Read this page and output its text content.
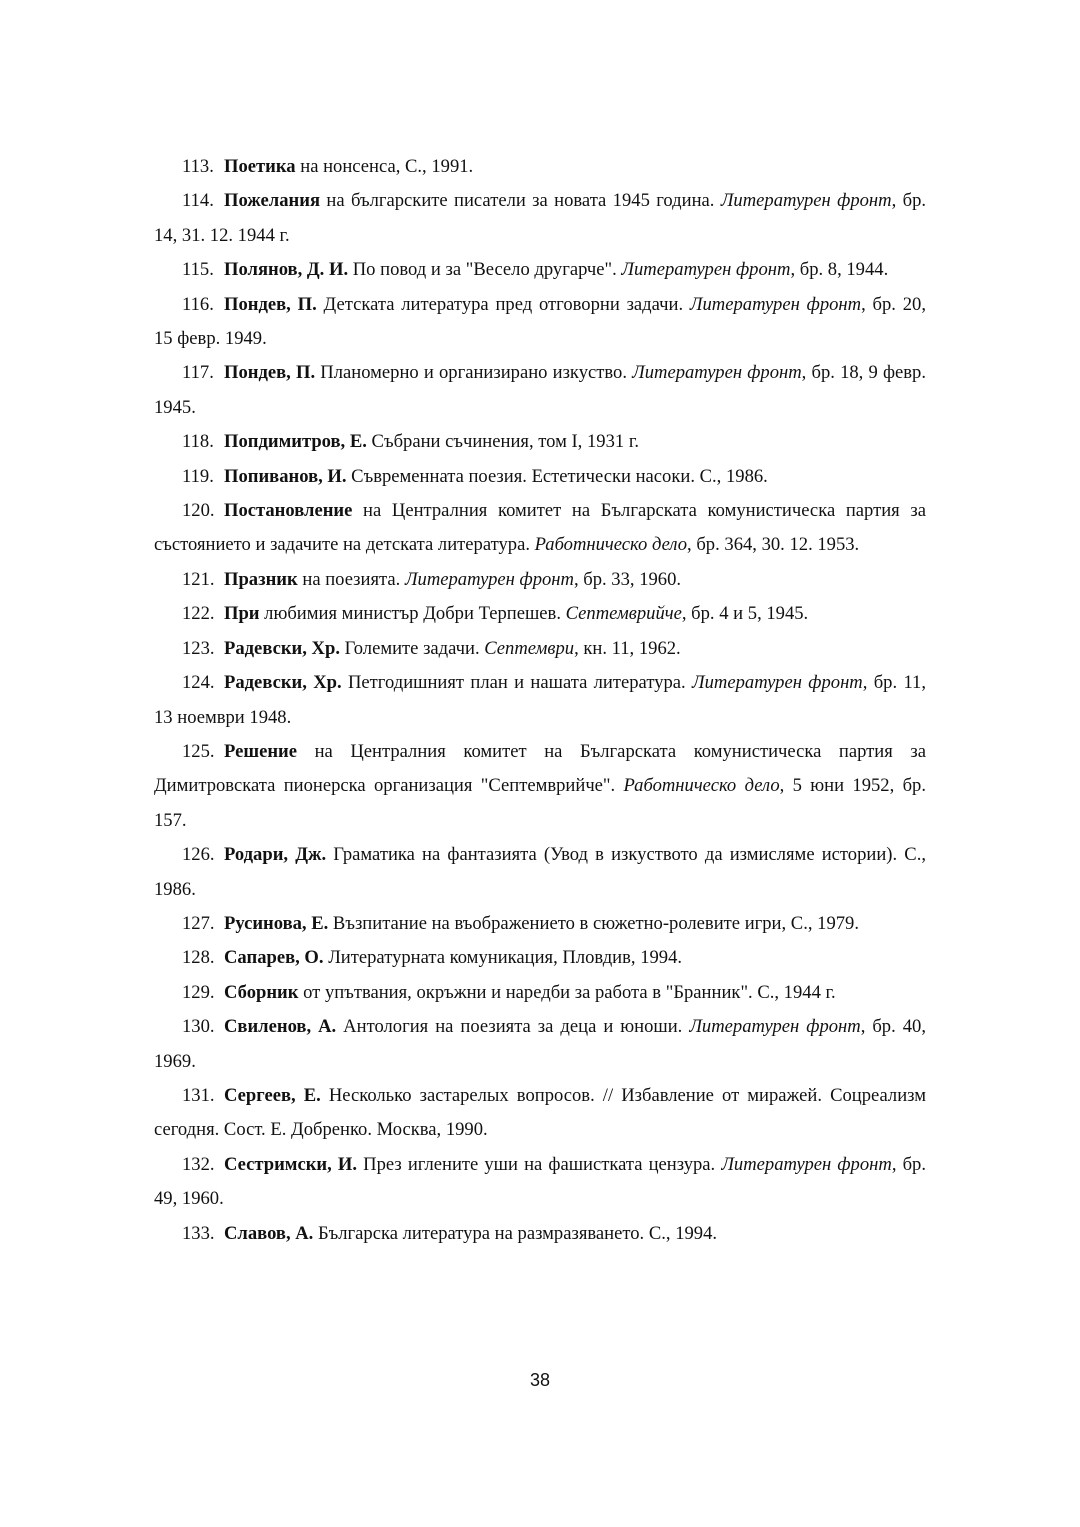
113. Поетика на нонсенса, С., 1991.

114. Пожелания на българските писатели за новата 1945 година. Литературен фронт, бр. 14, 31. 12. 1944 г.

115. Полянов, Д. И. По повод и за "Весело другарче". Литературен фронт, бр. 8, 1944.

116. Пондев, П. Детската литература пред отговорни задачи. Литературен фронт, бр. 20, 15 февр. 1949.

117. Пондев, П. Планомерно и организирано изкуство. Литературен фронт, бр. 18, 9 февр. 1945.

118. Попдимитров, Е. Събрани съчинения, том I, 1931 г.

119. Попиванов, И. Съвременната поезия. Естетически насоки. С., 1986.

120. Постановление на Централния комитет на Българската комунистическа партия за състоянието и задачите на детската литература. Работническо дело, бр. 364, 30. 12. 1953.

121. Празник на поезията. Литературен фронт, бр. 33, 1960.

122. При любимия министър Добри Терпешев. Септемврийче, бр. 4 и 5, 1945.

123. Радевски, Хр. Големите задачи. Септември, кн. 11, 1962.

124. Радевски, Хр. Петгодишният план и нашата литература. Литературен фронт, бр. 11, 13 ноември 1948.

125. Решение на Централния комитет на Българската комунистическа партия за Димитровската пионерска организация "Септемврийче". Работническо дело, 5 юни 1952, бр. 157.

126. Родари, Дж. Граматика на фантазията (Увод в изкуството да измисляме истории). С., 1986.

127. Русинова, Е. Възпитание на въображението в сюжетно-ролевите игри, С., 1979.

128. Сапарев, О. Литературната комуникация, Пловдив, 1994.

129. Сборник от упътвания, окръжни и наредби за работа в "Бранник". С., 1944 г.

130. Свиленов, А. Антология на поезията за деца и юноши. Литературен фронт, бр. 40, 1969.

131. Сергеев, Е. Несколько застарелых вопросов. // Избавление от миражей. Соцреализм сегодня. Сост. Е. Добренко. Москва, 1990.

132. Сестримски, И. През иглените уши на фашистката цензура. Литературен фронт, бр. 49, 1960.

133. Славов, А. Българска литература на размразяването. С., 1994.

38
